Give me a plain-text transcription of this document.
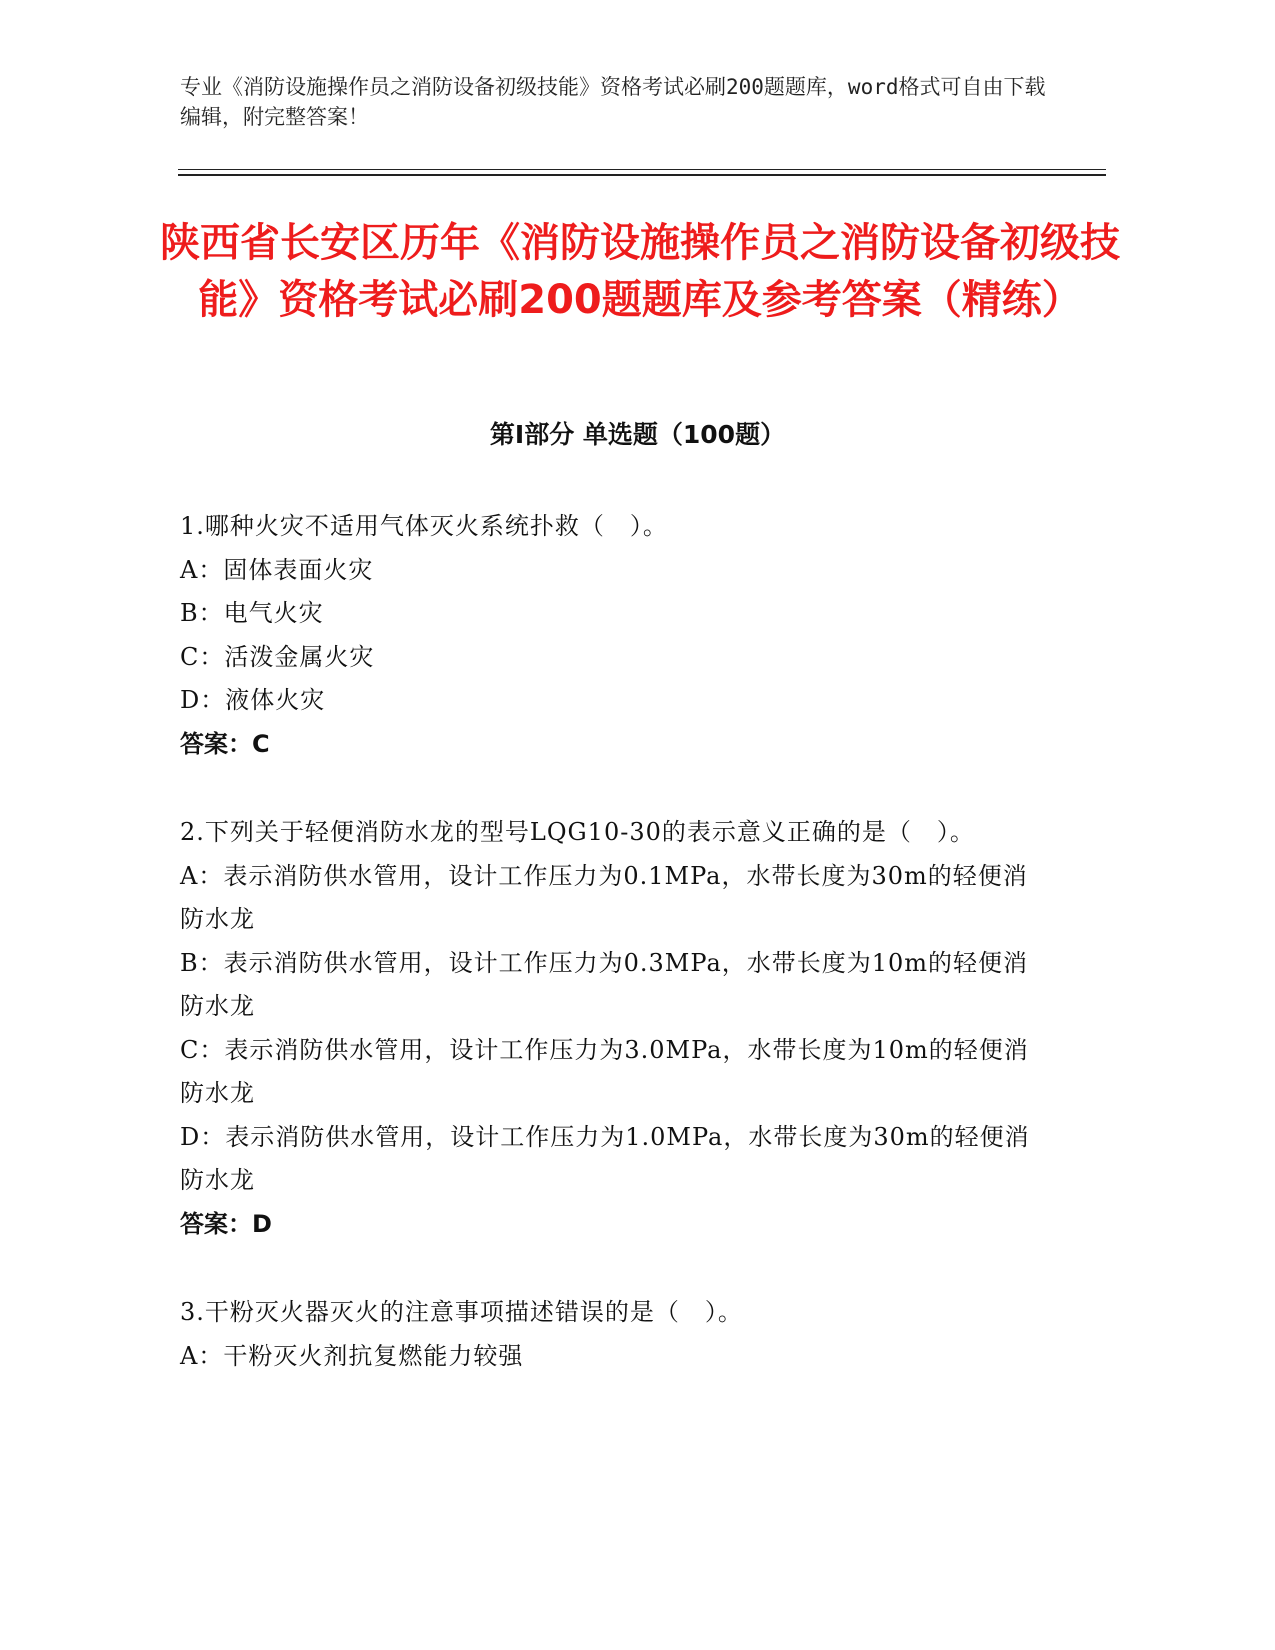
专业《消防设施操作员之消防设备初级技能》资格考试必刷200题题库，word格式可自由下载编辑，附完整答案！
陕西省长安区历年《消防设施操作员之消防设备初级技能》资格考试必刷200题题库及参考答案（精练）
第Ⅰ部分 单选题（100题）
1.哪种火灾不适用气体灭火系统扑救（　）。
A：固体表面火灾
B：电气火灾
C：活泼金属火灾
D：液体火灾
答案：C
2.下列关于轻便消防水龙的型号LQG10-30的表示意义正确的是（　）。
A：表示消防供水管用，设计工作压力为0.1MPa，水带长度为30m的轻便消防水龙
B：表示消防供水管用，设计工作压力为0.3MPa，水带长度为10m的轻便消防水龙
C：表示消防供水管用，设计工作压力为3.0MPa，水带长度为10m的轻便消防水龙
D：表示消防供水管用，设计工作压力为1.0MPa，水带长度为30m的轻便消防水龙
答案：D
3.干粉灭火器灭火的注意事项描述错误的是（　）。
A：干粉灭火剂抗复燃能力较强
